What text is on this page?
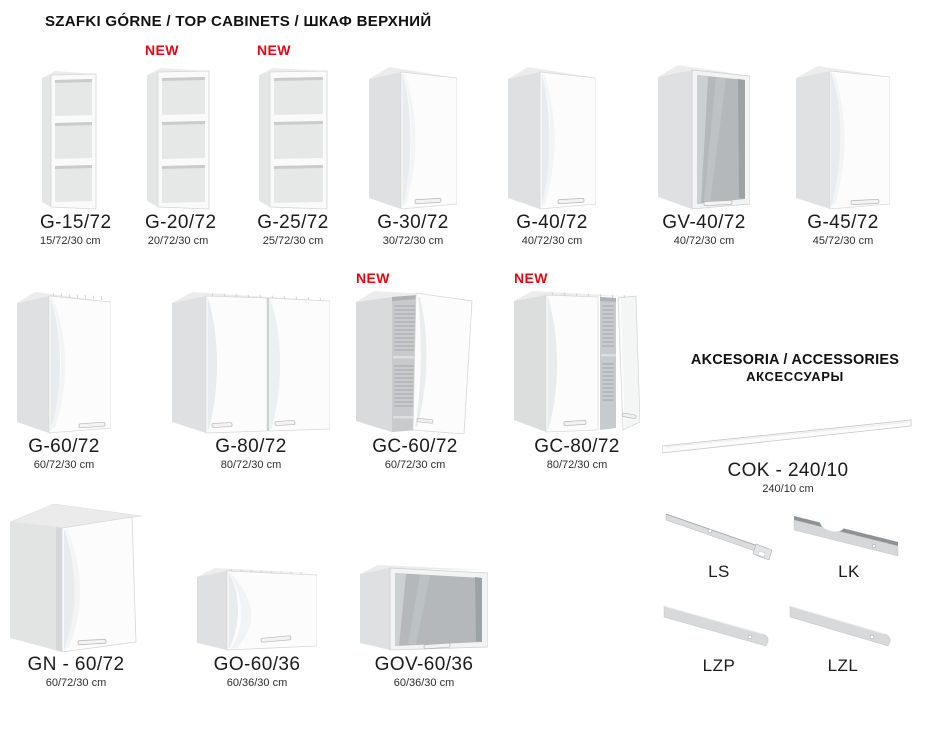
SZAFKI GÓRNE / TOP CABINETS / ШКАФ ВЕРХНИЙ
G-15/72
15/72/30 cm
NEW
G-20/72
20/72/30 cm
NEW
G-25/72
25/72/30 cm
G-30/72
30/72/30 cm
G-40/72
40/72/30 cm
GV-40/72
40/72/30 cm
G-45/72
45/72/30 cm
G-60/72
60/72/30 cm
G-80/72
80/72/30 cm
NEW
GC-60/72
60/72/30 cm
NEW
GC-80/72
80/72/30 cm
GN - 60/72
60/72/30 cm
GO-60/36
60/36/30 cm
GOV-60/36
60/36/30 cm
AKCESORIA / ACCESSORIES
АКСЕССУАРЫ
COK - 240/10
240/10 cm
LS	LK
LZP	LZL
